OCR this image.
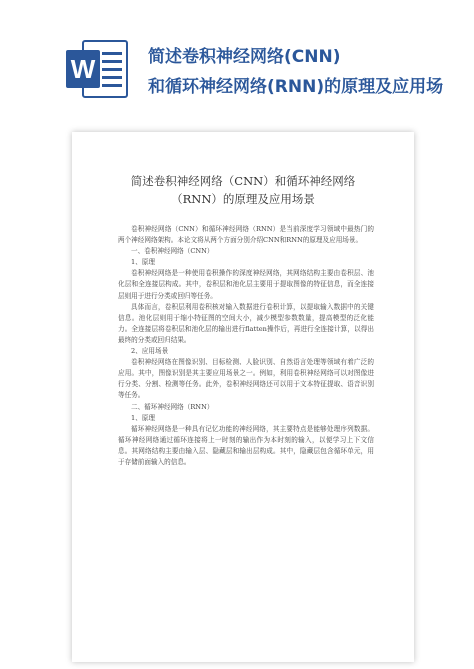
W	简述卷积神经网络(CNN)
和循环神经网络(RNN)的原理及应用场
简述卷积神经网络（CNN）和循环神经网络
（RNN）的原理及应用场景

卷积神经网络（CNN）和循环神经网络（RNN）是当前深度学习领域中最热门的两个神经网络架构。本论文将从两个方面分别介绍CNN和RNN的原理及应用场景。

一、卷积神经网络（CNN）

1、原理

卷积神经网络是一种使用卷积操作的深度神经网络，其网络结构主要由卷积层、池化层和全连接层构成。其中，卷积层和池化层主要用于提取图像的特征信息，而全连接层则用于进行分类或回归等任务。

具体而言，卷积层利用卷积核对输入数据进行卷积计算，以提取输入数据中的关键信息。池化层则用于缩小特征图的空间大小，减少模型参数数量，提高模型的泛化能力。全连接层将卷积层和池化层的输出进行flatten操作后，再进行全连接计算，以得出最终的分类或回归结果。

2、应用场景

卷积神经网络在图像识别、目标检测、人脸识别、自然语言处理等领域有着广泛的应用。其中，图像识别是其主要应用场景之一。例如，利用卷积神经网络可以对图像进行分类、分割、检测等任务。此外，卷积神经网络还可以用于文本特征提取、语音识别等任务。

二、循环神经网络（RNN）

1、原理

循环神经网络是一种具有记忆功能的神经网络，其主要特点是能够处理序列数据。循环神经网络通过循环连接将上一时刻的输出作为本时刻的输入，以便学习上下文信息。其网络结构主要由输入层、隐藏层和输出层构成。其中，隐藏层包含循环单元，用于存储前面输入的信息。
